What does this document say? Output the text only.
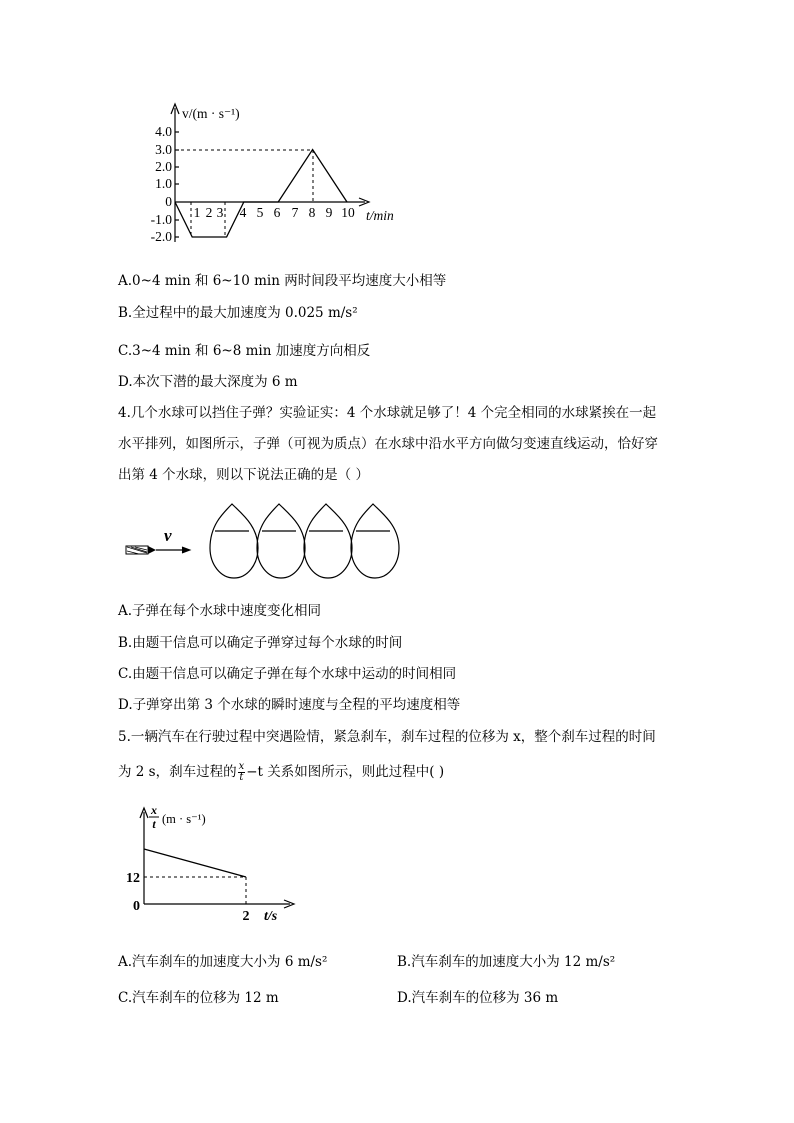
4.0
3.0
2.0
1.0
0
-1.0
-2.0
1 2 3 4 5 6 7 8 9 10
v/(m · s⁻¹)
t/min
A.0~4 min 和 6~10 min 两时间段平均速度大小相等
B.全过程中的最大加速度为 0.025 m/s²
C.3~4 min 和 6~8 min 加速度方向相反
D.本次下潜的最大深度为 6 m
4.几个水球可以挡住子弹？实验证实：4 个水球就足够了！4 个完全相同的水球紧挨在一起
水平排列，如图所示，子弹（可视为质点）在水球中沿水平方向做匀变速直线运动，恰好穿
出第 4 个水球，则以下说法正确的是（ ）
v
A.子弹在每个水球中速度变化相同
B.由题干信息可以确定子弹穿过每个水球的时间
C.由题干信息可以确定子弹在每个水球中运动的时间相同
D.子弹穿出第 3 个水球的瞬时速度与全程的平均速度相等
5.一辆汽车在行驶过程中突遇险情，紧急刹车，刹车过程的位移为 x，整个刹车过程的时间
为 2 s，刹车过程的 $\frac{x}{t} -t$ 关系如图所示，则此过程中( )
x
t (m · s⁻¹)
12
0
2 t/s
A.汽车刹车的加速度大小为 6 m/s²	B.汽车刹车的加速度大小为 12 m/s²
C.汽车刹车的位移为 12 m	D.汽车刹车的位移为 36 m
